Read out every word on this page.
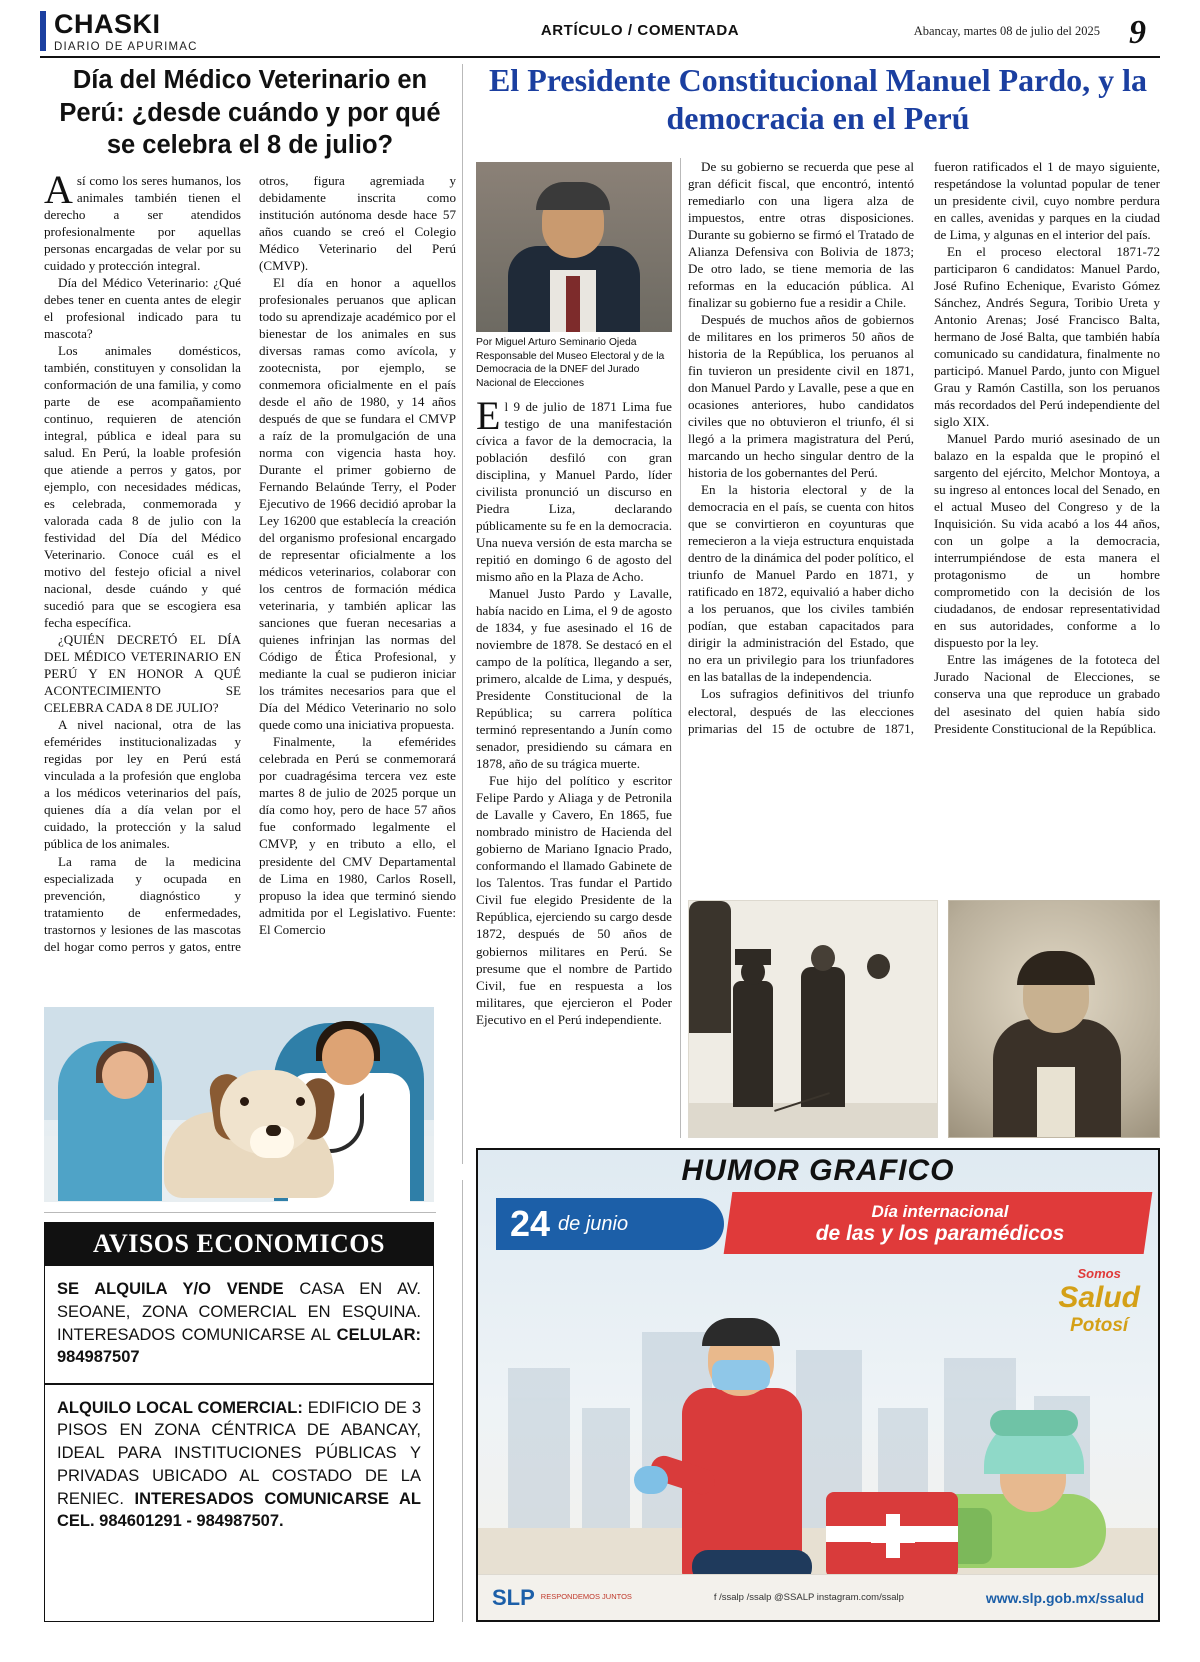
CHASKI
DIARIO DE APURIMAC
ARTÍCULO / COMENTADA	Abancay, martes 08 de julio del 2025 9
Día del Médico Veterinario en Perú: ¿desde cuándo y por qué se celebra el 8 de julio?

Así como los seres humanos, los animales también tienen el derecho a ser atendidos profesionalmente por aquellas personas encargadas de velar por su cuidado y protección integral.

Día del Médico Veterinario: ¿Qué debes tener en cuenta antes de elegir el profesional indicado para tu mascota?

Los animales domésticos, también, constituyen y consolidan la conformación de una familia, y como parte de ese acompañamiento continuo, requieren de atención integral, pública e ideal para su salud. En Perú, la loable profesión que atiende a perros y gatos, por ejemplo, con necesidades médicas, es celebrada, conmemorada y valorada cada 8 de julio con la festividad del Día del Médico Veterinario. Conoce cuál es el motivo del festejo oficial a nivel nacional, desde cuándo y qué sucedió para que se escogiera esa fecha específica.

¿QUIÉN DECRETÓ EL DÍA DEL MÉDICO VETERINARIO EN PERÚ Y EN HONOR A QUÉ ACONTECIMIENTO SE CELEBRA CADA 8 DE JULIO?

A nivel nacional, otra de las efemérides institucionalizadas y regidas por ley en Perú está vinculada a la profesión que engloba a los médicos veterinarios del país, quienes día a día velan por el cuidado, la protección y la salud pública de los animales.

La rama de la medicina especializada y ocupada en prevención, diagnóstico y tratamiento de enfermedades, trastornos y lesiones de las mascotas del hogar como perros y gatos, entre otros, figura agremiada y debidamente inscrita como institución autónoma desde hace 57 años cuando se creó el Colegio Médico Veterinario del Perú (CMVP).

El día en honor a aquellos profesionales peruanos que aplican todo su aprendizaje académico por el bienestar de los animales en sus diversas ramas como avícola, y zootecnista, por ejemplo, se conmemora oficialmente en el país desde el año de 1980, y 14 años después de que se fundara el CMVP a raíz de la promulgación de una norma con vigencia hasta hoy. Durante el primer gobierno de Fernando Belaúnde Terry, el Poder Ejecutivo de 1966 decidió aprobar la Ley 16200 que establecía la creación del organismo profesional encargado de representar oficialmente a los médicos veterinarios, colaborar con los centros de formación médica veterinaria, y también aplicar las sanciones que fueran necesarias a quienes infrinjan las normas del Código de Ética Profesional, y mediante la cual se pudieron iniciar los trámites necesarios para que el Día del Médico Veterinario no solo quede como una iniciativa propuesta.

Finalmente, la efemérides celebrada en Perú se conmemorará por cuadragésima tercera vez este martes 8 de julio de 2025 porque un día como hoy, pero de hace 57 años fue conformado legalmente el CMVP, y en tributo a ello, el presidente del CMV Departamental de Lima en 1980, Carlos Rosell, propuso la idea que terminó siendo admitida por el Legislativo. Fuente: El Comercio

AVISOS ECONOMICOS
SE ALQUILA Y/O VENDE CASA EN AV. SEOANE, ZONA COMERCIAL EN ESQUINA. INTERESADOS COMUNICARSE AL CELULAR: 984987507
ALQUILO LOCAL COMERCIAL: EDIFICIO DE 3 PISOS EN ZONA CÉNTRICA DE ABANCAY, IDEAL PARA INSTITUCIONES PÚBLICAS Y PRIVADAS UBICADO AL COSTADO DE LA RENIEC. INTERESADOS COMUNICARSE AL CEL. 984601291 - 984987507.
El Presidente Constitucional Manuel Pardo, y la democracia en el Perú
Por Miguel Arturo Seminario Ojeda Responsable del Museo Electoral y de la Democracia de la DNEF del Jurado Nacional de Elecciones

El 9 de julio de 1871 Lima fue testigo de una manifestación cívica a favor de la democracia, la población desfiló con gran disciplina, y Manuel Pardo, líder civilista pronunció un discurso en Piedra Liza, declarando públicamente su fe en la democracia. Una nueva versión de esta marcha se repitió en domingo 6 de agosto del mismo año en la Plaza de Acho.

Manuel Justo Pardo y Lavalle, había nacido en Lima, el 9 de agosto de 1834, y fue asesinado el 16 de noviembre de 1878. Se destacó en el campo de la política, llegando a ser, primero, alcalde de Lima, y después, Presidente Constitucional de la República; su carrera política terminó representando a Junín como senador, presidiendo su cámara en 1878, año de su trágica muerte.

Fue hijo del político y escritor Felipe Pardo y Aliaga y de Petronila de Lavalle y Cavero, En 1865, fue nombrado ministro de Hacienda del gobierno de Mariano Ignacio Prado, conformando el llamado Gabinete de los Talentos. Tras fundar el Partido Civil fue elegido Presidente de la República, ejerciendo su cargo desde 1872, después de 50 años de gobiernos militares en Perú. Se presume que el nombre de Partido Civil, fue en respuesta a los militares, que ejercieron el Poder Ejecutivo en el Perú independiente.

De su gobierno se recuerda que pese al gran déficit fiscal, que encontró, intentó remediarlo con una ligera alza de impuestos, entre otras disposiciones. Durante su gobierno se firmó el Tratado de Alianza Defensiva con Bolivia de 1873; De otro lado, se tiene memoria de las reformas en la educación pública. Al finalizar su gobierno fue a residir a Chile.

Después de muchos años de gobiernos de militares en los primeros 50 años de historia de la República, los peruanos al fin tuvieron un presidente civil en 1871, don Manuel Pardo y Lavalle, pese a que en ocasiones anteriores, hubo candidatos civiles que no obtuvieron el triunfo, él si llegó a la primera magistratura del Perú, marcando un hecho singular dentro de la historia de los gobernantes del Perú.

En la historia electoral y de la democracia en el país, se cuenta con hitos que se convirtieron en coyunturas que remecieron a la vieja estructura enquistada dentro de la dinámica del poder político, el triunfo de Manuel Pardo en 1871, y ratificado en 1872, equivalió a haber dicho a los peruanos, que los civiles también podían, que estaban capacitados para dirigir la administración del Estado, que no era un privilegio para los triunfadores en las batallas de la independencia.

Los sufragios definitivos del triunfo electoral, después de las elecciones primarias del 15 de octubre de 1871, fueron ratificados el 1 de mayo siguiente, respetándose la voluntad popular de tener un presidente civil, cuyo nombre perdura en calles, avenidas y parques en la ciudad de Lima, y algunas en el interior del país.

En el proceso electoral 1871-72 participaron 6 candidatos: Manuel Pardo, José Rufino Echenique, Evaristo Gómez Sánchez, Andrés Segura, Toribio Ureta y Antonio Arenas; José Francisco Balta, hermano de José Balta, que también había comunicado su candidatura, finalmente no participó. Manuel Pardo, junto con Miguel Grau y Ramón Castilla, son los peruanos más recordados del Perú independiente del siglo XIX.

Manuel Pardo murió asesinado de un balazo en la espalda que le propinó el sargento del ejército, Melchor Montoya, a su ingreso al entonces local del Senado, en el actual Museo del Congreso y de la Inquisición. Su vida acabó a los 44 años, con un golpe a la democracia, interrumpiéndose de esta manera el protagonismo de un hombre comprometido con la decisión de los ciudadanos, de endosar representatividad en sus autoridades, conforme a lo dispuesto por la ley.

Entre las imágenes de la fototeca del Jurado Nacional de Elecciones, se conserva una que reproduce un grabado del asesinato del quien había sido Presidente Constitucional de la República.

HUMOR GRAFICO
24 de junio
Día internacional
de las y los paramédicos
Somos
Salud
Potosí
SLP RESPONDEMOS JUNTOS	f /ssalp /ssalp @SSALP instagram.com/ssalp	www.slp.gob.mx/ssalud
